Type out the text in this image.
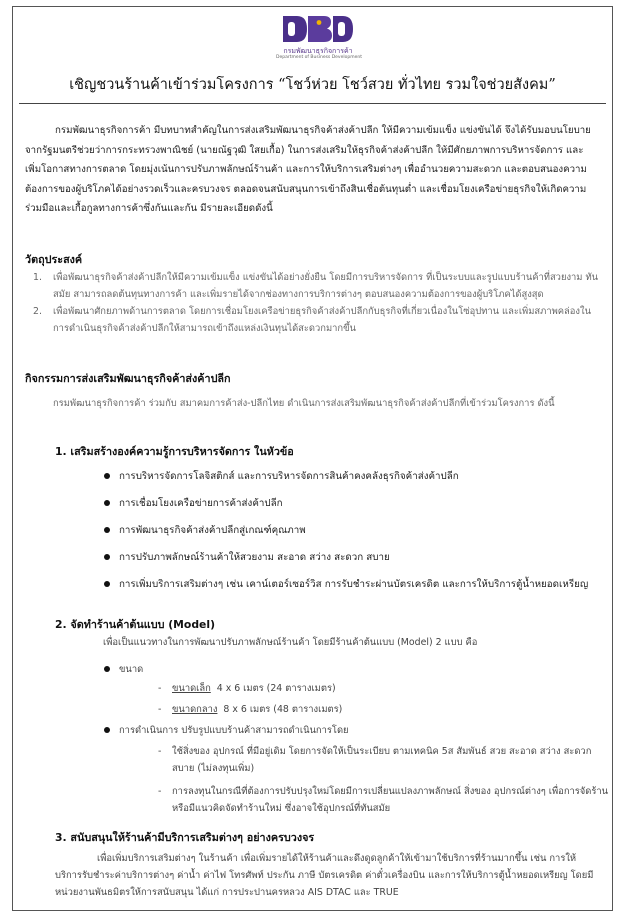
กรมพัฒนาธุรกิจการค้า
Department of Business Development
เชิญชวนร้านค้าเข้าร่วมโครงการ “โชว์ห่วย โชว์สวย ทั่วไทย รวมใจช่วยสังคม”
กรมพัฒนาธุรกิจการค้า มีบทบาทสำคัญในการส่งเสริมพัฒนาธุรกิจค้าส่งค้าปลีก ให้มีความเข้มแข็ง แข่งขันได้ จึงได้รับมอบนโยบายจากรัฐมนตรีช่วยว่าการกระทรวงพาณิชย์ (นายณัฐวุฒิ ใสยเกื้อ) ในการส่งเสริมให้ธุรกิจค้าส่งค้าปลีก ให้มีศักยภาพการบริหารจัดการ และเพิ่มโอกาสทางการตลาด โดยมุ่งเน้นการปรับภาพลักษณ์ร้านค้า และการให้บริการเสริมต่างๆ เพื่ออำนวยความสะดวก และตอบสนองความต้องการของผู้บริโภคได้อย่างรวดเร็วและครบวงจร ตลอดจนสนับสนุนการเข้าถึงสินเชื่อต้นทุนต่ำ และเชื่อมโยงเครือข่ายธุรกิจให้เกิดความร่วมมือและเกื้อกูลทางการค้าซึ่งกันและกัน มีรายละเอียดดังนี้
วัตถุประสงค์
1. เพื่อพัฒนาธุรกิจค้าส่งค้าปลีกให้มีความเข้มแข็ง แข่งขันได้อย่างยั่งยืน โดยมีการบริหารจัดการ ที่เป็นระบบและรูปแบบร้านค้าที่สวยงาม ทันสมัย สามารถลดต้นทุนทางการค้า และเพิ่มรายได้จากช่องทางการบริการต่างๆ ตอบสนองความต้องการของผู้บริโภคได้สูงสุด
2. เพื่อพัฒนาศักยภาพด้านการตลาด โดยการเชื่อมโยงเครือข่ายธุรกิจค้าส่งค้าปลีกกับธุรกิจที่เกี่ยวเนื่องในโซ่อุปทาน และเพิ่มสภาพคล่องในการดำเนินธุรกิจค้าส่งค้าปลีกให้สามารถเข้าถึงแหล่งเงินทุนได้สะดวกมากขึ้น
กิจกรรมการส่งเสริมพัฒนาธุรกิจค้าส่งค้าปลีก
กรมพัฒนาธุรกิจการค้า ร่วมกับ สมาคมการค้าส่ง-ปลีกไทย ดำเนินการส่งเสริมพัฒนาธุรกิจค้าส่งค้าปลีกที่เข้าร่วมโครงการ ดังนี้
1. เสริมสร้างองค์ความรู้การบริหารจัดการ ในหัวข้อ
การบริหารจัดการโลจิสติกส์ และการบริหารจัดการสินค้าคงคลังธุรกิจค้าส่งค้าปลีก
การเชื่อมโยงเครือข่ายการค้าส่งค้าปลีก
การพัฒนาธุรกิจค้าส่งค้าปลีกสู่เกณฑ์คุณภาพ
การปรับภาพลักษณ์ร้านค้าให้สวยงาม สะอาด สว่าง สะดวก สบาย
การเพิ่มบริการเสริมต่างๆ เช่น เคาน์เตอร์เซอร์วิส การรับชำระผ่านบัตรเครดิต และการให้บริการตู้น้ำหยอดเหรียญ
2. จัดทำร้านค้าต้นแบบ (Model)
เพื่อเป็นแนวทางในการพัฒนาปรับภาพลักษณ์ร้านค้า โดยมีร้านค้าต้นแบบ (Model) 2 แบบ คือ
ขนาด
- ขนาดเล็ก 4 x 6 เมตร (24 ตารางเมตร)
- ขนาดกลาง 8 x 6 เมตร (48 ตารางเมตร)
การดำเนินการ ปรับรูปแบบร้านค้าสามารถดำเนินการโดย
- ใช้สิ่งของ อุปกรณ์ ที่มีอยู่เดิม โดยการจัดให้เป็นระเบียบ ตามเทคนิค 5ส สัมพันธ์ สวย สะอาด สว่าง สะดวก สบาย (ไม่ลงทุนเพิ่ม)
- การลงทุนในกรณีที่ต้องการปรับปรุงใหม่โดยมีการเปลี่ยนแปลงภาพลักษณ์ สิ่งของ อุปกรณ์ต่างๆ เพื่อการจัดร้าน หรือมีแนวคิดจัดทำร้านใหม่ ซึ่งอาจใช้อุปกรณ์ที่ทันสมัย
3. สนับสนุนให้ร้านค้ามีบริการเสริมต่างๆ อย่างครบวงจร
เพื่อเพิ่มบริการเสริมต่างๆ ในร้านค้า เพื่อเพิ่มรายได้ให้ร้านค้าและดึงดูดลูกค้าให้เข้ามาใช้บริการที่ร้านมากขึ้น เช่น การให้บริการรับชำระค่าบริการต่างๆ ค่าน้ำ ค่าไฟ โทรศัพท์ ประกัน ภาษี บัตรเครดิต ค่าตั๋วเครื่องบิน และการให้บริการตู้น้ำหยอดเหรียญ โดยมีหน่วยงานพันธมิตรให้การสนับสนุน ได้แก่ การประปานครหลวง AIS DTAC และ TRUE
